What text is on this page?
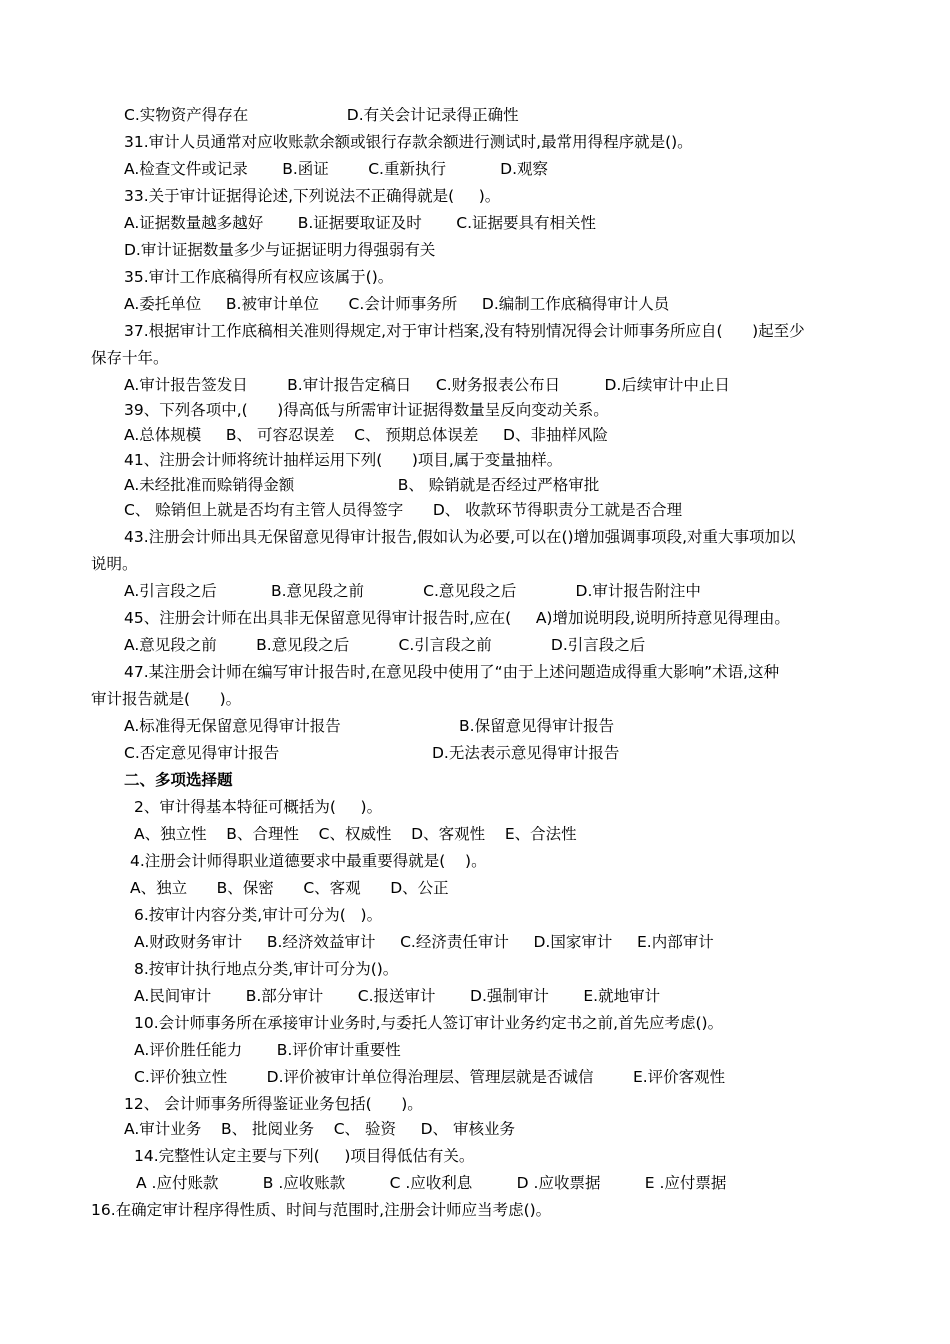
C.实物资产得存在                    D.有关会计记录得正确性
31.审计人员通常对应收账款余额或银行存款余额进行测试时,最常用得程序就是()。
A.检查文件或记录       B.函证        C.重新执行           D.观察
33.关于审计证据得论述,下列说法不正确得就是(     )。
A.证据数量越多越好       B.证据要取证及时       C.证据要具有相关性
D.审计证据数量多少与证据证明力得强弱有关
35.审计工作底稿得所有权应该属于()。
A.委托单位     B.被审计单位      C.会计师事务所     D.编制工作底稿得审计人员
37.根据审计工作底稿相关准则得规定,对于审计档案,没有特别情况得会计师事务所应自(      )起至少
保存十年。
A.审计报告签发日        B.审计报告定稿日     C.财务报表公布日         D.后续审计中止日
39、下列各项中,(      )得高低与所需审计证据得数量呈反向变动关系。
A.总体规模     B、 可容忍误差    C、 预期总体误差     D、非抽样风险
41、注册会计师将统计抽样运用下列(      )项目,属于变量抽样。
A.未经批准而赊销得金额                     B、 赊销就是否经过严格审批
C、 赊销但上就是否均有主管人员得签字      D、 收款环节得职责分工就是否合理
43.注册会计师出具无保留意见得审计报告,假如认为必要,可以在()增加强调事项段,对重大事项加以
说明。
A.引言段之后           B.意见段之前            C.意见段之后            D.审计报告附注中
45、注册会计师在出具非无保留意见得审计报告时,应在(     A)增加说明段,说明所持意见得理由。
A.意见段之前        B.意见段之后          C.引言段之前            D.引言段之后
47.某注册会计师在编写审计报告时,在意见段中使用了“由于上述问题造成得重大影响”术语,这种
审计报告就是(      )。
A.标准得无保留意见得审计报告                        B.保留意见得审计报告
C.否定意见得审计报告                               D.无法表示意见得审计报告
二、多项选择题
2、审计得基本特征可概括为(     )。
A、独立性    B、合理性    C、权威性    D、客观性    E、合法性
4.注册会计师得职业道德要求中最重要得就是(    )。
A、独立      B、保密      C、客观      D、公正
6.按审计内容分类,审计可分为(   )。
A.财政财务审计     B.经济效益审计     C.经济责任审计     D.国家审计     E.内部审计
8.按审计执行地点分类,审计可分为()。
A.民间审计       B.部分审计       C.报送审计       D.强制审计       E.就地审计
10.会计师事务所在承接审计业务时,与委托人签订审计业务约定书之前,首先应考虑()。
A.评价胜任能力       B.评价审计重要性
C.评价独立性        D.评价被审计单位得治理层、管理层就是否诚信        E.评价客观性
12、 会计师事务所得鉴证业务包括(      )。
A.审计业务    B、 批阅业务    C、 验资     D、 审核业务
14.完整性认定主要与下列(     )项目得低估有关。
A .应付账款         B .应收账款         C .应收利息         D .应收票据         E .应付票据
16.在确定审计程序得性质、时间与范围时,注册会计师应当考虑()。
